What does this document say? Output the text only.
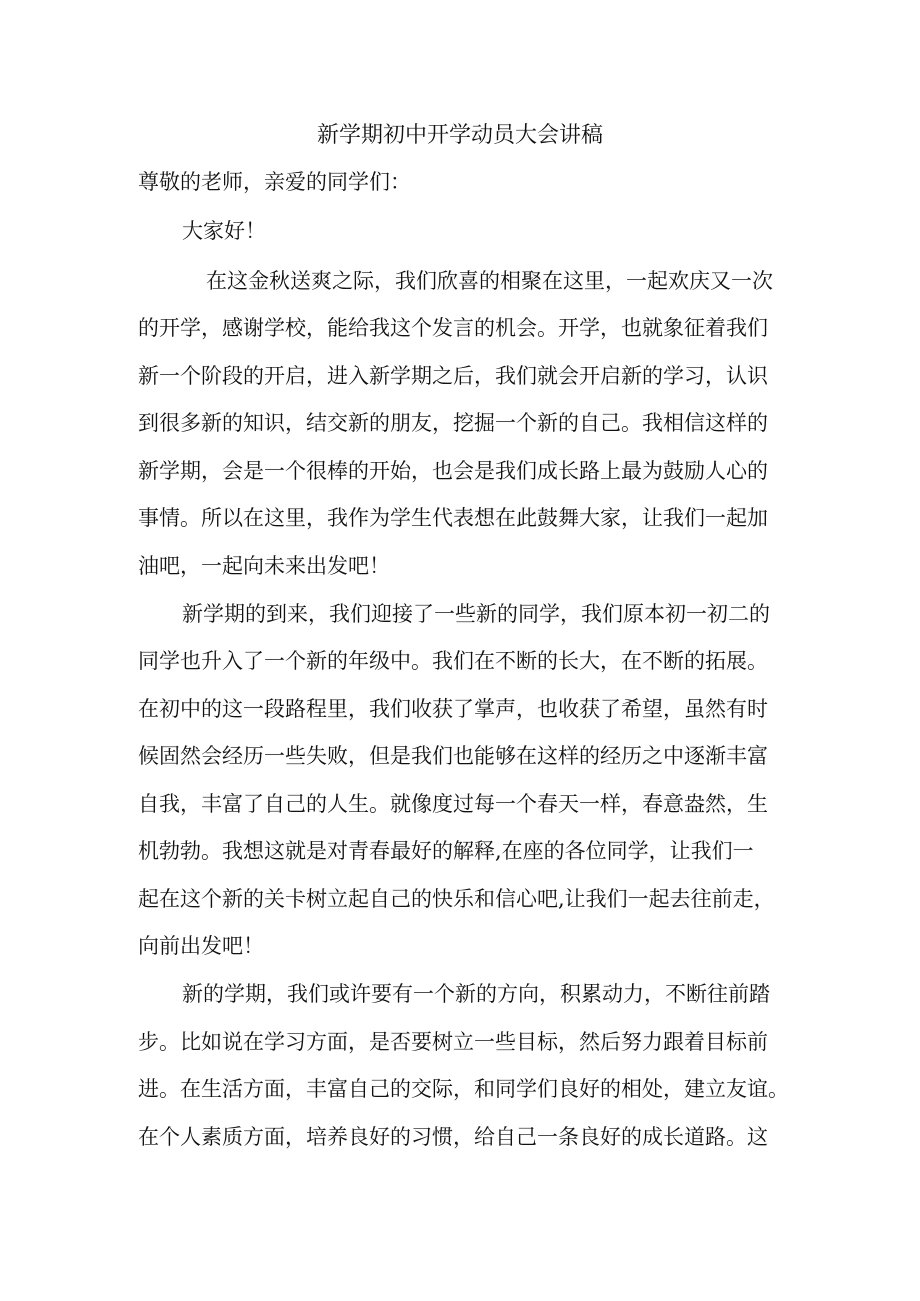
新学期初中开学动员大会讲稿

尊敬的老师，亲爱的同学们：

大家好！

在这金秋送爽之际，我们欣喜的相聚在这里，一起欢庆又一次

的开学，感谢学校，能给我这个发言的机会。开学，也就象征着我们

新一个阶段的开启，进入新学期之后，我们就会开启新的学习，认识

到很多新的知识，结交新的朋友，挖掘一个新的自己。我相信这样的

新学期，会是一个很棒的开始，也会是我们成长路上最为鼓励人心的

事情。所以在这里，我作为学生代表想在此鼓舞大家，让我们一起加

油吧，一起向未来出发吧！

新学期的到来，我们迎接了一些新的同学，我们原本初一初二的

同学也升入了一个新的年级中。我们在不断的长大，在不断的拓展。

在初中的这一段路程里，我们收获了掌声，也收获了希望，虽然有时

候固然会经历一些失败，但是我们也能够在这样的经历之中逐渐丰富

自我，丰富了自己的人生。就像度过每一个春天一样，春意盎然，生

机勃勃。我想这就是对青春最好的解释,在座的各位同学，让我们一

起在这个新的关卡树立起自己的快乐和信心吧,让我们一起去往前走，

向前出发吧！

新的学期，我们或许要有一个新的方向，积累动力，不断往前踏

步。比如说在学习方面，是否要树立一些目标，然后努力跟着目标前

进。在生活方面，丰富自己的交际，和同学们良好的相处，建立友谊。

在个人素质方面，培养良好的习惯，给自己一条良好的成长道路。这
